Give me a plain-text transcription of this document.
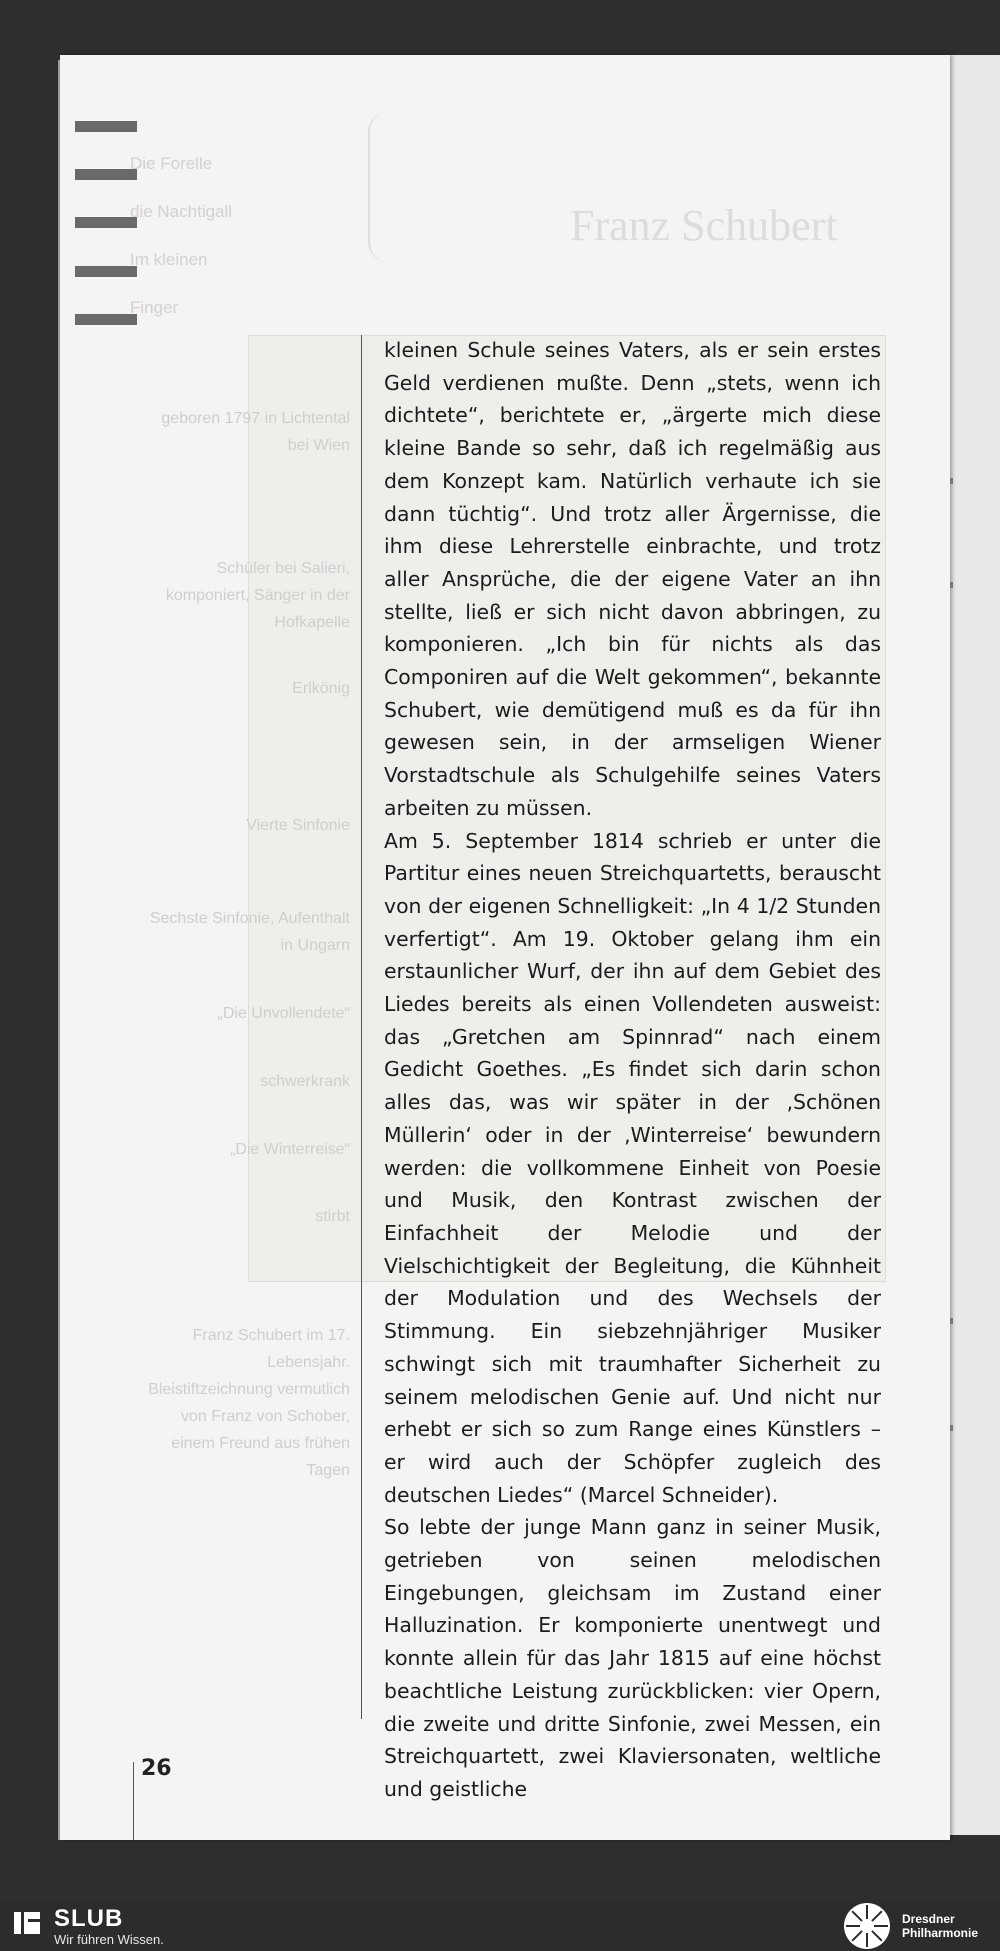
Franz Schubert
Die Forelle
die Nachtigall
Im kleinen
Finger
geboren 1797 in Lichtental bei Wien
Schüler bei Salieri, komponiert, Sänger in der Hofkapelle
Erlkönig
Vierte Sinfonie
Sechste Sinfonie, Aufenthalt in Ungarn
„Die Unvollendete“
schwerkrank
„Die Winterreise“
stirbt
Franz Schubert im 17. Lebensjahr. Bleistiftzeichnung vermutlich von Franz von Schober, einem Freund aus frühen Tagen

kleinen Schule seines Vaters, als er sein erstes Geld verdienen mußte. Denn „stets, wenn ich dichtete“, berichtete er, „ärgerte mich diese kleine Bande so sehr, daß ich regelmäßig aus dem Konzept kam. Natürlich verhaute ich sie dann tüchtig“. Und trotz aller Ärgernisse, die ihm diese Lehrerstelle einbrachte, und trotz aller Ansprüche, die der eigene Vater an ihn stellte, ließ er sich nicht davon abbringen, zu komponieren. „Ich bin für nichts als das Componiren auf die Welt gekommen“, bekannte Schubert, wie demütigend muß es da für ihn gewesen sein, in der armseligen Wiener Vorstadtschule als Schulgehilfe seines Vaters arbeiten zu müssen.

Am 5. September 1814 schrieb er unter die Partitur eines neuen Streichquartetts, berauscht von der eigenen Schnelligkeit: „In 4 1/2 Stunden verfertigt“. Am 19. Oktober gelang ihm ein erstaunlicher Wurf, der ihn auf dem Gebiet des Liedes bereits als einen Vollendeten ausweist: das „Gretchen am Spinnrad“ nach einem Gedicht Goethes. „Es findet sich darin schon alles das, was wir später in der ‚Schönen Müllerin‘ oder in der ‚Winterreise‘ bewundern werden: die vollkommene Einheit von Poesie und Musik, den Kontrast zwischen der Einfachheit der Melodie und der Vielschichtigkeit der Begleitung, die Kühnheit der Modulation und des Wechsels der Stimmung. Ein siebzehnjähriger Musiker schwingt sich mit traumhafter Sicherheit zu seinem melodischen Genie auf. Und nicht nur erhebt er sich so zum Range eines Künstlers – er wird auch der Schöpfer zugleich des deutschen Liedes“ (Marcel Schneider).

So lebte der junge Mann ganz in seiner Musik, getrieben von seinen melodischen Eingebungen, gleichsam im Zustand einer Halluzination. Er komponierte unentwegt und konnte allein für das Jahr 1815 auf eine höchst beachtliche Leistung zurückblicken: vier Opern, die zweite und dritte Sinfonie, zwei Messen, ein Streichquartett, zwei Klaviersonaten, weltliche und geistliche

26
SLUB
Wir führen Wissen.
Dresdner
Philharmonie
